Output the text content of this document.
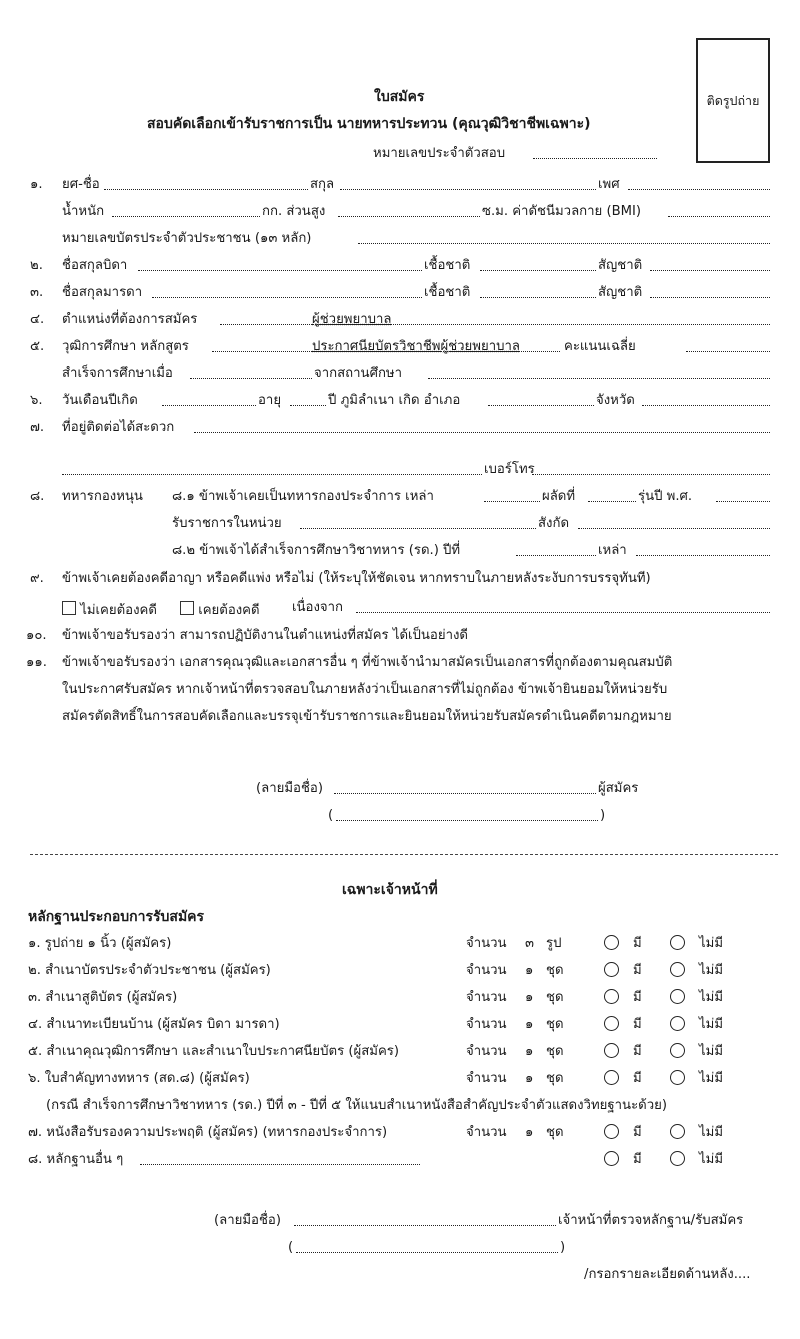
ติดรูปถ่าย
ใบสมัคร
สอบคัดเลือกเข้ารับราชการเป็น นายทหารประทวน (คุณวุฒิวิชาชีพเฉพาะ)
หมายเลขประจำตัวสอบ
๑. ยศ-ชื่อ	สกุล	เพศ
น้ำหนัก	กก. ส่วนสูง	ซ.ม. ค่าดัชนีมวลกาย (BMI)
หมายเลขบัตรประจำตัวประชาชน (๑๓ หลัก)
๒. ชื่อสกุลบิดา	เชื้อชาติ	สัญชาติ
๓. ชื่อสกุลมารดา	เชื้อชาติ	สัญชาติ
๔. ตำแหน่งที่ต้องการสมัคร	ผู้ช่วยพยาบาล
๕. วุฒิการศึกษา หลักสูตร	ประกาศนียบัตรวิชาชีพผู้ช่วยพยาบาล	คะแนนเฉลี่ย
สำเร็จการศึกษาเมื่อ	จากสถานศึกษา
๖. วันเดือนปีเกิด	อายุ	ปี ภูมิลำเนา เกิด อำเภอ	จังหวัด
๗. ที่อยู่ติดต่อได้สะดวก
เบอร์โทร
๘. ทหารกองหนุน ๘.๑ ข้าพเจ้าเคยเป็นทหารกองประจำการ เหล่า	ผลัดที่	รุ่นปี พ.ศ.
รับราชการในหน่วย	สังกัด
๘.๒ ข้าพเจ้าได้สำเร็จการศึกษาวิชาทหาร (รด.) ปีที่	เหล่า
๙. ข้าพเจ้าเคยต้องคดีอาญา หรือคดีแพ่ง หรือไม่ (ให้ระบุให้ชัดเจน หากทราบในภายหลังระงับการบรรจุทันที)
ไม่เคยต้องคดี	เคยต้องคดี เนื่องจาก
๑๐. ข้าพเจ้าขอรับรองว่า สามารถปฏิบัติงานในตำแหน่งที่สมัคร ได้เป็นอย่างดี
๑๑. ข้าพเจ้าขอรับรองว่า เอกสารคุณวุฒิและเอกสารอื่น ๆ ที่ข้าพเจ้านำมาสมัครเป็นเอกสารที่ถูกต้องตามคุณสมบัติ
ในประกาศรับสมัคร หากเจ้าหน้าที่ตรวจสอบในภายหลังว่าเป็นเอกสารที่ไม่ถูกต้อง ข้าพเจ้ายินยอมให้หน่วยรับ
สมัครตัดสิทธิ์ในการสอบคัดเลือกและบรรจุเข้ารับราชการและยินยอมให้หน่วยรับสมัครดำเนินคดีตามกฎหมาย
(ลายมือชื่อ)	ผู้สมัคร
(	)
เฉพาะเจ้าหน้าที่
หลักฐานประกอบการรับสมัคร
๑. รูปถ่าย ๑ นิ้ว (ผู้สมัคร)	จำนวน ๓ รูป	มี	ไม่มี
๒. สำเนาบัตรประจำตัวประชาชน (ผู้สมัคร)	จำนวน ๑ ชุด	มี	ไม่มี
๓. สำเนาสูติบัตร (ผู้สมัคร)	จำนวน ๑ ชุด	มี	ไม่มี
๔. สำเนาทะเบียนบ้าน (ผู้สมัคร บิดา มารดา)	จำนวน ๑ ชุด	มี	ไม่มี
๕. สำเนาคุณวุฒิการศึกษา และสำเนาใบประกาศนียบัตร (ผู้สมัคร)	จำนวน ๑ ชุด	มี	ไม่มี
๖. ใบสำคัญทางทหาร (สด.๘) (ผู้สมัคร)	จำนวน ๑ ชุด	มี	ไม่มี
(กรณี สำเร็จการศึกษาวิชาทหาร (รด.) ปีที่ ๓ - ปีที่ ๕ ให้แนบสำเนาหนังสือสำคัญประจำตัวแสดงวิทยฐานะด้วย)
๗. หนังสือรับรองความประพฤติ (ผู้สมัคร) (ทหารกองประจำการ)	จำนวน ๑ ชุด	มี	ไม่มี
๘. หลักฐานอื่น ๆ	มี	ไม่มี
(ลายมือชื่อ)	เจ้าหน้าที่ตรวจหลักฐาน/รับสมัคร
(	)
/กรอกรายละเอียดด้านหลัง....
